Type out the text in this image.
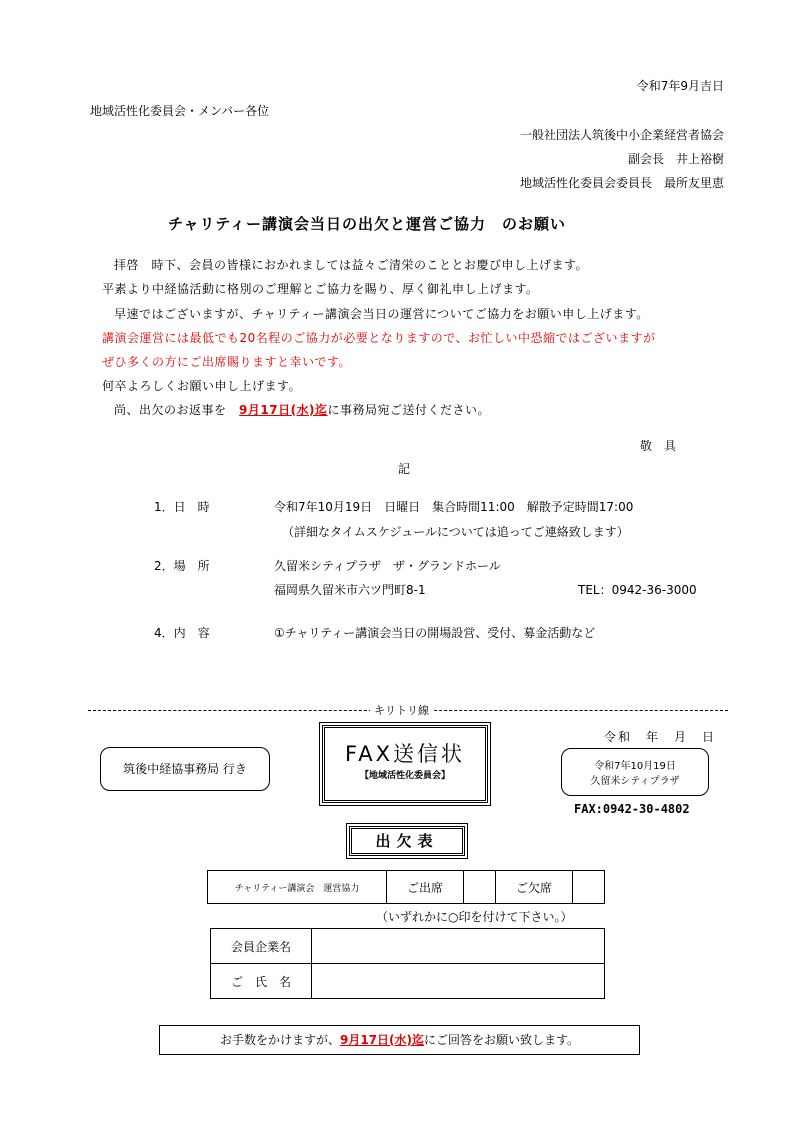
令和7年9月吉日
地域活性化委員会・メンバー各位
一般社団法人筑後中小企業経営者協会
副会長　井上裕樹
地域活性化委員会委員長　最所友里恵
チャリティー講演会当日の出欠と運営ご協力　のお願い
拝啓　時下、会員の皆様におかれましては益々ご清栄のこととお慶び申し上げます。
平素より中経協活動に格別のご理解とご協力を賜り、厚く御礼申し上げます。
早速ではございますが、チャリティー講演会当日の運営についてご協力をお願い申し上げます。
講演会運営には最低でも20名程のご協力が必要となりますので、お忙しい中恐縮ではございますが
ぜひ多くの方にご出席賜りますと幸いです。
何卒よろしくお願い申し上げます。
尚、出欠のお返事を　9月17日(水)迄に事務局宛ご送付ください。
敬　具
記
1．日　時	令和7年10月19日　日曜日　集合時間11:00　解散予定時間17:00
（詳細なタイムスケジュールについては追ってご連絡致します）
2．場　所	久留米シティプラザ　ザ・グランドホール
福岡県久留米市六ツ門町8-1	TEL：0942-36-3000
4．内　容	①チャリティー講演会当日の開場設営、受付、募金活動など
キリトリ線
筑後中経協事務局 行き
FAX送信状
【地域活性化委員会】
令和　年　月　日
令和7年10月19日
久留米シティプラザ
FAX:0942-30-4802
出欠表
チャリティー講演会　運営協力	ご出席		ご欠席	
（いずれかに○印を付けて下さい。）
会員企業名	
ご　氏　名	
お手数をかけますが、9月17日(水)迄にご回答をお願い致します。
